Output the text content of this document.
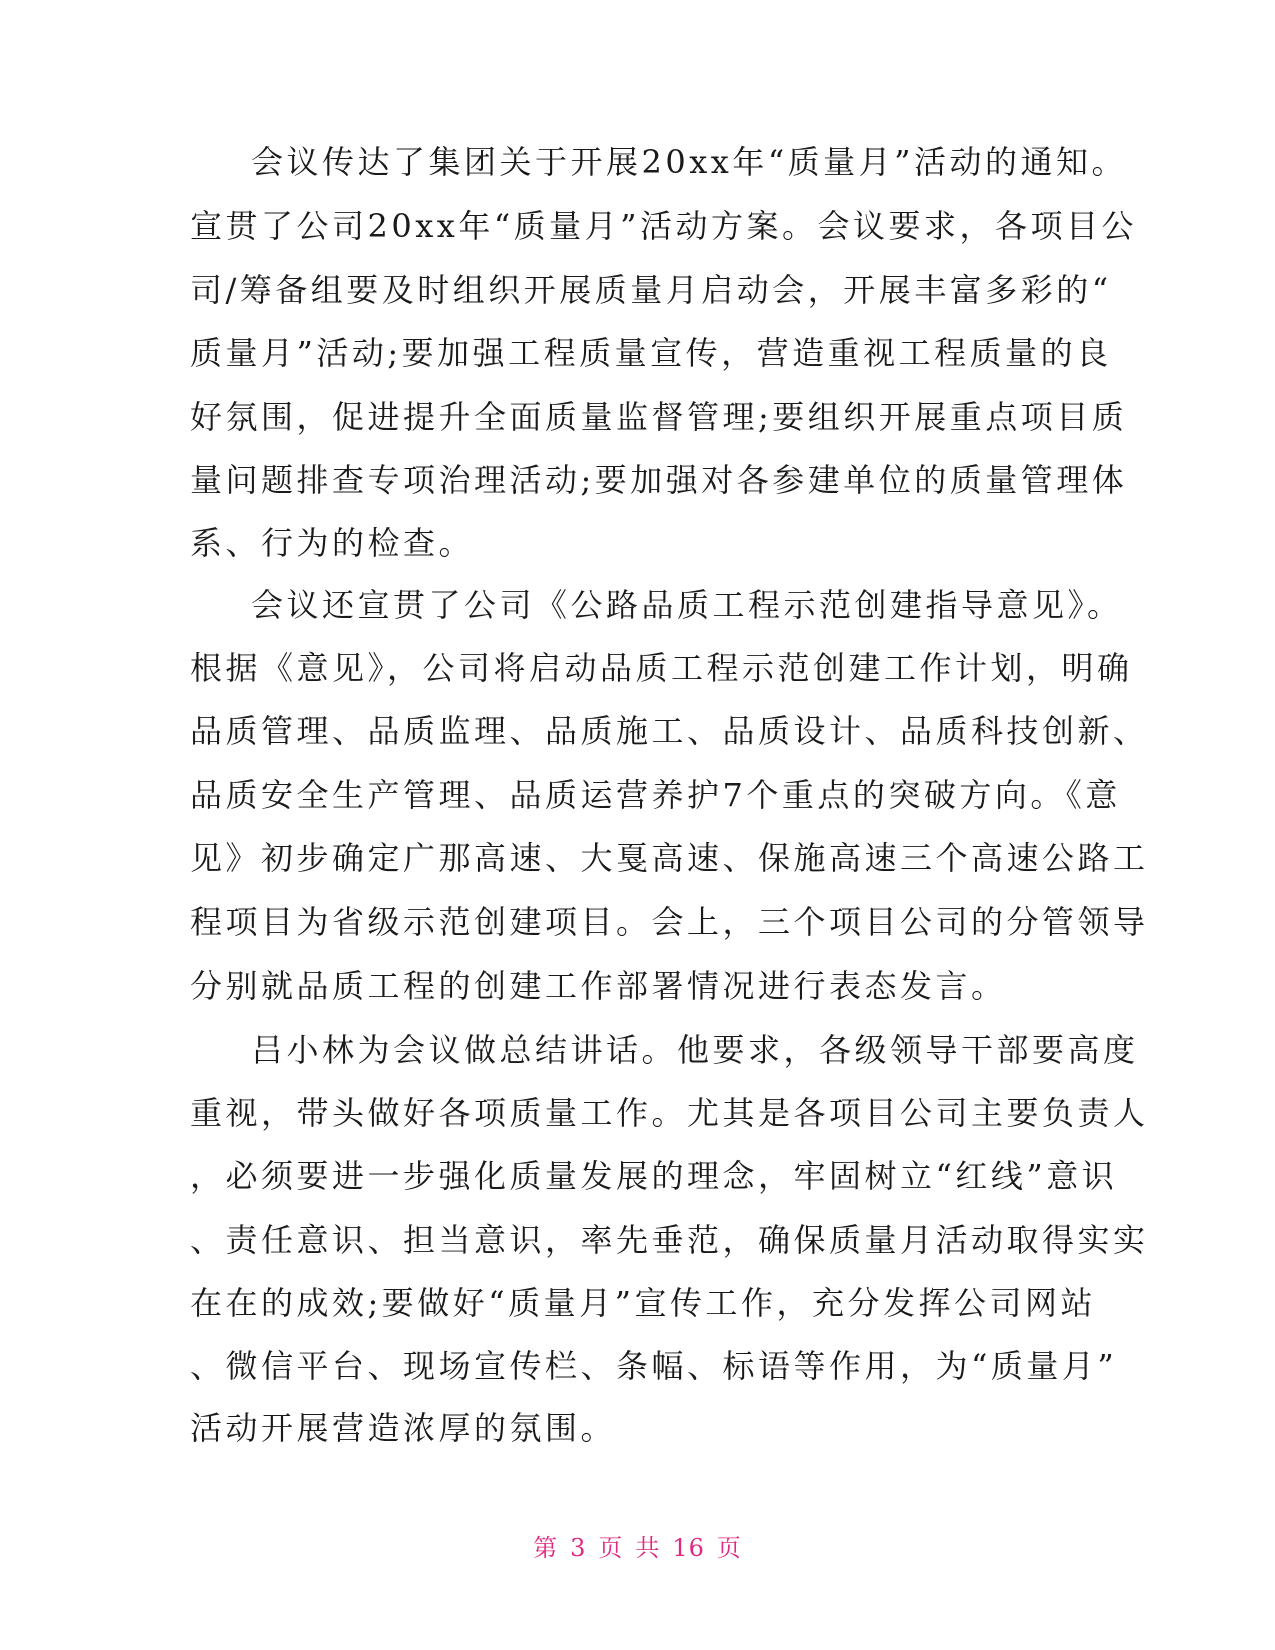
会议传达了集团关于开展20xx年“质量月”活动的通知。
宣贯了公司20xx年“质量月”活动方案。会议要求，各项目公
司/筹备组要及时组织开展质量月启动会，开展丰富多彩的“
质量月”活动;要加强工程质量宣传，营造重视工程质量的良
好氛围，促进提升全面质量监督管理;要组织开展重点项目质
量问题排查专项治理活动;要加强对各参建单位的质量管理体
系、行为的检查。
会议还宣贯了公司《公路品质工程示范创建指导意见》。
根据《意见》，公司将启动品质工程示范创建工作计划，明确
品质管理、品质监理、品质施工、品质设计、品质科技创新、
品质安全生产管理、品质运营养护7个重点的突破方向。《意
见》初步确定广那高速、大戛高速、保施高速三个高速公路工
程项目为省级示范创建项目。会上，三个项目公司的分管领导
分别就品质工程的创建工作部署情况进行表态发言。
吕小林为会议做总结讲话。他要求，各级领导干部要高度
重视，带头做好各项质量工作。尤其是各项目公司主要负责人
，必须要进一步强化质量发展的理念，牢固树立“红线”意识
、责任意识、担当意识，率先垂范，确保质量月活动取得实实
在在的成效;要做好“质量月”宣传工作，充分发挥公司网站
、微信平台、现场宣传栏、条幅、标语等作用，为“质量月”
活动开展营造浓厚的氛围。
第 3 页 共 16 页
